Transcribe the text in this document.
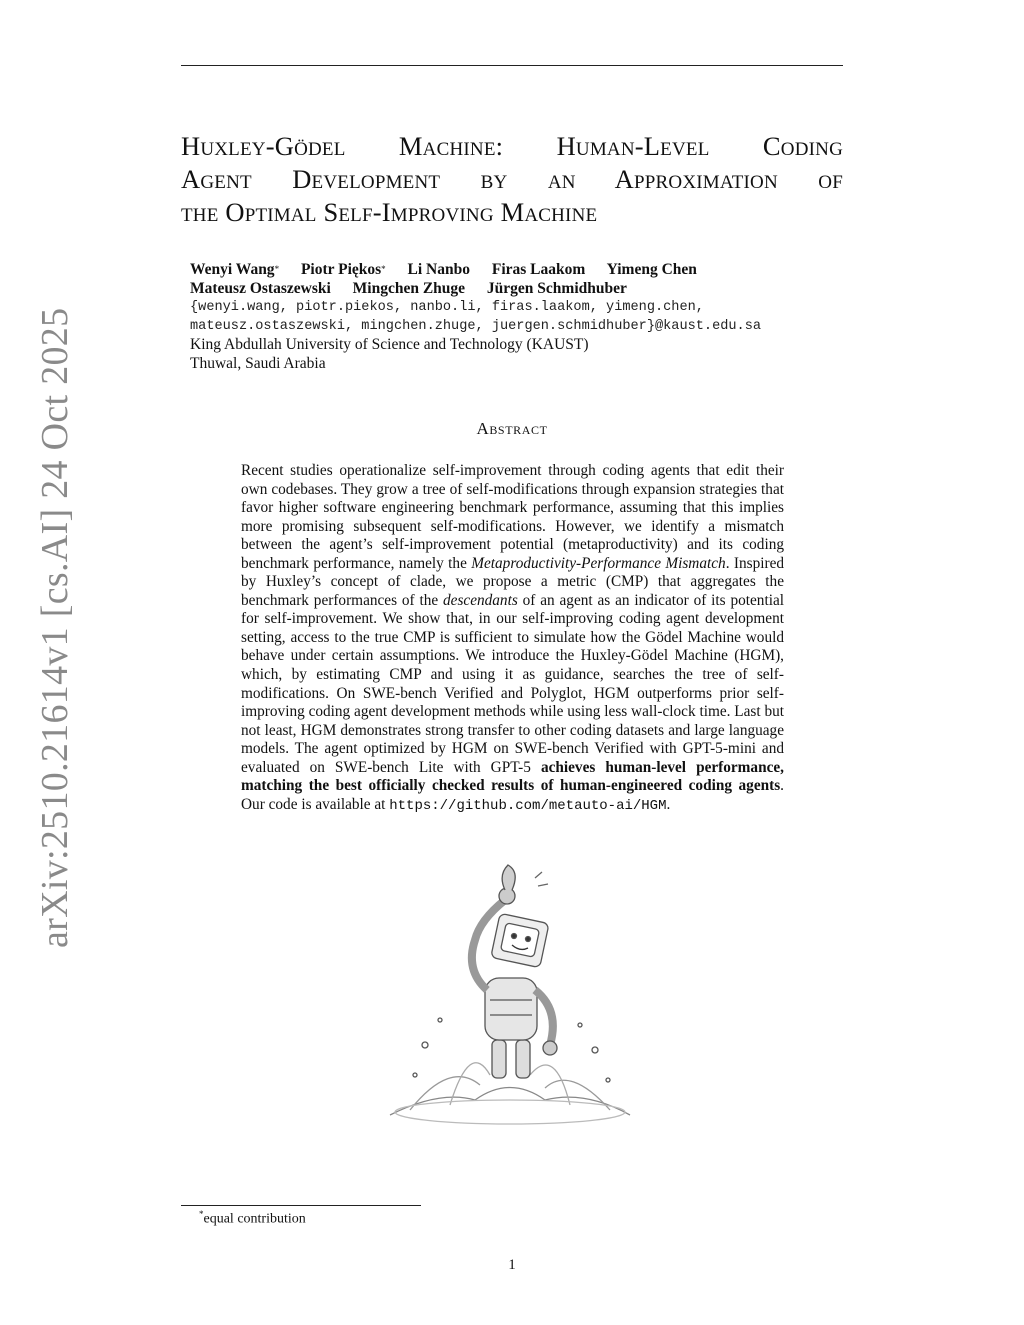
Huxley-Gödel Machine: Human-Level Coding
Agent Development by an Approximation of
the Optimal Self-Improving Machine
Wenyi Wang* Piotr Piękos* Li Nanbo Firas Laakom Yimeng Chen
Mateusz Ostaszewski Mingchen Zhuge Jürgen Schmidhuber
{wenyi.wang, piotr.piekos, nanbo.li, firas.laakom, yimeng.chen,
mateusz.ostaszewski, mingchen.zhuge, juergen.schmidhuber}@kaust.edu.sa
King Abdullah University of Science and Technology (KAUST)
Thuwal, Saudi Arabia
arXiv:2510.21614v1 [cs.AI] 24 Oct 2025	Abstract
Recent studies operationalize self-improvement through coding agents that edit their own codebases. They grow a tree of self-modifications through expansion strategies that favor higher software engineering benchmark performance, assuming that this implies more promising subsequent self-modifications. However, we identify a mismatch between the agent’s self-improvement potential (metaproductivity) and its coding benchmark performance, namely the Metaproductivity-Performance Mismatch. Inspired by Huxley’s concept of clade, we propose a metric (CMP) that aggregates the benchmark performances of the descendants of an agent as an indicator of its potential for self-improvement. We show that, in our self-improving coding agent development setting, access to the true CMP is sufficient to simulate how the Gödel Machine would behave under certain assumptions. We introduce the Huxley-Gödel Machine (HGM), which, by estimating CMP and using it as guidance, searches the tree of self-modifications. On SWE-bench Verified and Polyglot, HGM outperforms prior self-improving coding agent development methods while using less wall-clock time. Last but not least, HGM demonstrates strong transfer to other coding datasets and large language models. The agent optimized by HGM on SWE-bench Verified with GPT-5-mini and evaluated on SWE-bench Lite with GPT-5 achieves human-level performance, matching the best officially checked results of human-engineered coding agents. Our code is available at https://github.com/metauto-ai/HGM.
*equal contribution
1
